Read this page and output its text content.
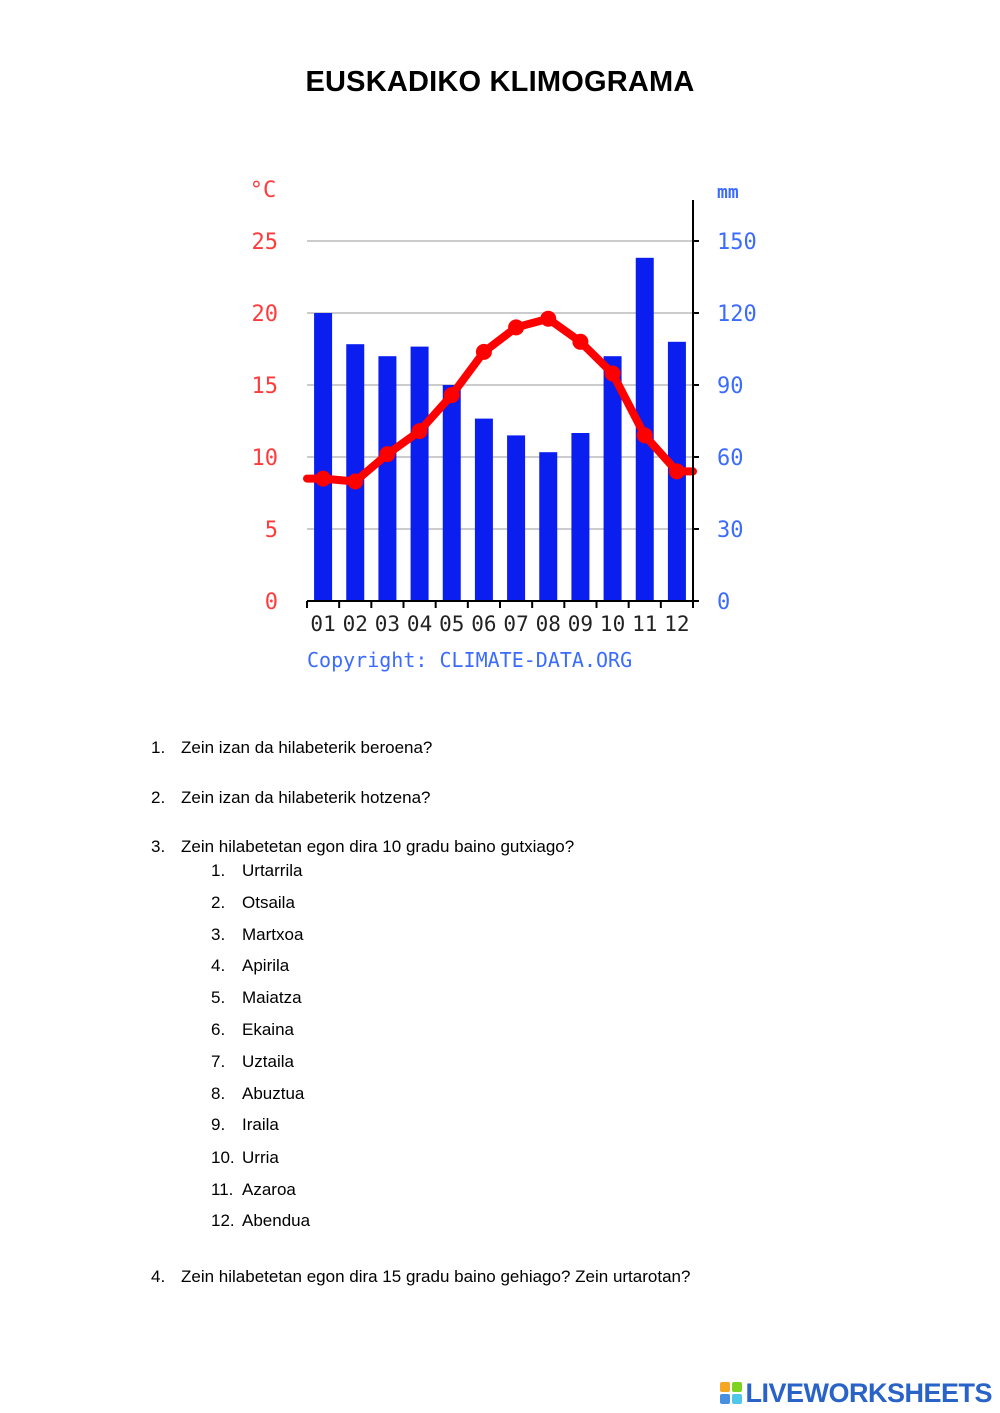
EUSKADIKO KLIMOGRAMA
°C
0
5
10
15
20
25
mm
0
30
60
90
120
150
01 02 03 04 05 06 07 08 09 10 11 12
Copyright: CLIMATE-DATA.ORG
1. Zein izan da hilabeterik beroena?
2. Zein izan da hilabeterik hotzena?
3. Zein hilabetetan egon dira 10 gradu baino gutxiago?
1. Urtarrila
2. Otsaila
3. Martxoa
4. Apirila
5. Maiatza
6. Ekaina
7. Uztaila
8. Abuztua
9. Iraila
10. Urria
11. Azaroa
12. Abendua
4. Zein hilabetetan egon dira 15 gradu baino gehiago? Zein urtarotan?
LIVEWORKSHEETS
